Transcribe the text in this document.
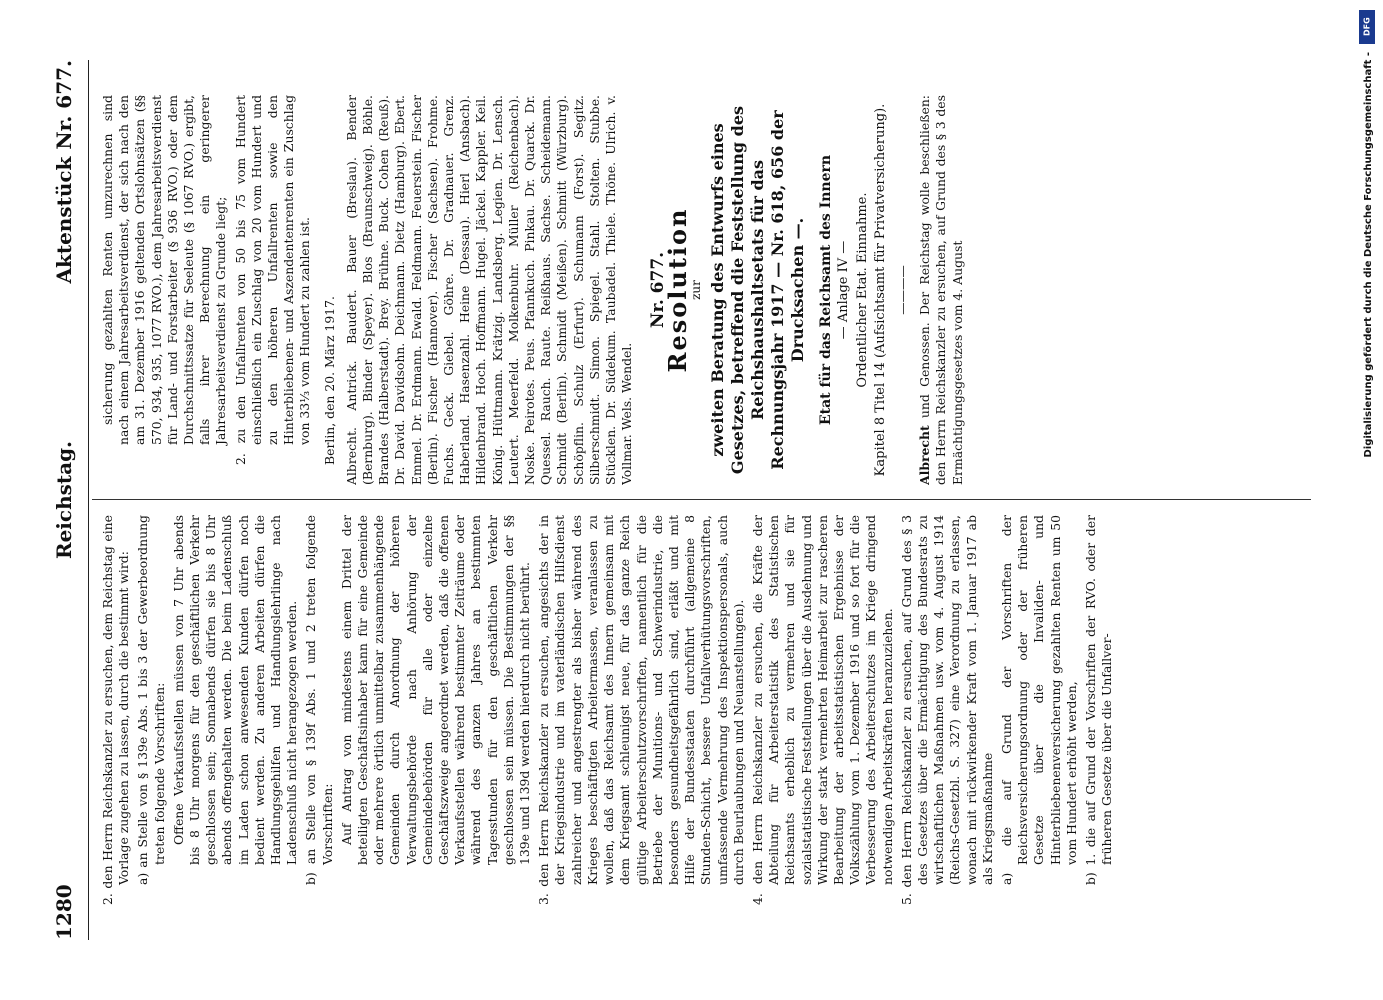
1280
Reichstag.
Aktenstück Nr. 677.

2. den Herrn Reichskanzler zu ersuchen, dem Reichstag eine Vorlage zugehen zu lassen, durch die bestimmt wird: a) an Stelle von § 139e Abs. 1 bis 3 der Gewerbeordnung treten folgende Vorschriften: Offene Verkaufsstellen müssen von 7 Uhr abends bis 8 Uhr morgens für den geschäftlichen Verkehr geschlossen sein; Sonnabends dürfen sie bis 8 Uhr abends offengehalten werden. Die beim Ladenschluß im Laden schon anwesenden Kunden dürfen noch bedient werden. Zu anderen Arbeiten dürfen die Handlungsgehilfen und Handlungslehrlinge nach Ladenschluß nicht herangezogen werden. b) an Stelle von § 139f Abs. 1 und 2 treten folgende Vorschriften: Auf Antrag von mindestens einem Drittel der beteiligten Geschäftsinhaber kann für eine Gemeinde oder mehrere örtlich unmittelbar zusammenhängende Gemeinden durch Anordnung der höheren Verwaltungsbehörde nach Anhörung der Gemeindebehörden für alle oder einzelne Geschäftszweige angeordnet werden, daß die offenen Verkaufsstellen während bestimmter Zeiträume oder während des ganzen Jahres an bestimmten Tagesstunden für den geschäftlichen Verkehr geschlossen sein müssen. Die Bestimmungen der §§ 139e und 139d werden hierdurch nicht berührt. 3. den Herrn Reichskanzler zu ersuchen, angesichts der in der Kriegsindustrie und im vaterländischen Hilfsdienst zahlreicher und angestrengter als bisher während des Krieges beschäftigten Arbeitermassen, veranlassen zu wollen, daß das Reichsamt des Innern gemeinsam mit dem Kriegsamt schleunigst neue, für das ganze Reich gültige Arbeiterschutzvorschriften, namentlich für die Betriebe der Munitions- und Schwerindustrie, die besonders gesundheitsgefährlich sind, erläßt und mit Hilfe der Bundesstaaten durchführt (allgemeine 8 Stunden-Schicht, bessere Unfallverhütungsvorschriften, umfassende Vermehrung des Inspektionspersonals, auch durch Beurlaubungen und Neuanstellungen). 4. den Herrn Reichskanzler zu ersuchen, die Kräfte der Abteilung für Arbeiterstatistik des Statistischen Reichsamts erheblich zu vermehren und sie für sozialstatistische Feststellungen über die Ausdehnung und Wirkung der stark vermehrten Heimarbeit zur rascheren Bearbeitung der arbeitsstatistischen Ergebnisse der Volkszählung vom 1. Dezember 1916 und so fort für die Verbesserung des Arbeiterschutzes im Kriege dringend notwendigen Arbeitskräften heranzuziehen. 5. den Herrn Reichskanzler zu ersuchen, auf Grund des § 3 des Gesetzes über die Ermächtigung des Bundesrats zu wirtschaftlichen Maßnahmen usw. vom 4. August 1914 (Reichs-Gesetzbl. S. 327) eine Verordnung zu erlassen, wonach mit rückwirkender Kraft vom 1. Januar 1917 ab als Kriegsmaßnahme a) die auf Grund der Vorschriften der Reichsversicherungsordnung oder der früheren Gesetze über die Invaliden- und Hinterbliebenenversicherung gezahlten Renten um 50 vom Hundert erhöht werden, b) 1. die auf Grund der Vorschriften der RVO. oder der früheren Gesetze über die Unfallver-

sicherung gezahlten Renten umzurechnen sind nach einem Jahresarbeitsverdienst, der sich nach den am 31. Dezember 1916 geltenden Ortslohnsätzen (§§ 570, 934, 935, 1077 RVO.), dem Jahresarbeitsverdienst für Land- und Forstarbeiter (§ 936 RVO.) oder dem Durchschnittssatze für Seeleute (§ 1067 RVO.) ergibt, falls ihrer Berechnung ein geringerer Jahresarbeitsverdienst zu Grunde liegt; 2. zu den Unfallrenten von 50 bis 75 vom Hundert einschließlich ein Zuschlag von 20 vom Hundert und zu den höheren Unfallrenten sowie den Hinterbliebenen- und Aszendentenrenten ein Zuschlag von 33⅓ vom Hundert zu zahlen ist. Berlin, den 20. März 1917. Albrecht. Antrick. Baudert. Bauer (Breslau). Bender (Bernburg). Binder (Speyer). Blos (Braunschweig). Böhle. Brandes (Halberstadt). Brey. Brühne. Buck. Cohen (Reuß). Dr. David. Davidsohn. Deichmann. Dietz (Hamburg). Ebert. Emmel. Dr. Erdmann. Ewald. Feldmann. Feuerstein. Fischer (Berlin). Fischer (Hannover). Fischer (Sachsen). Frohme. Fuchs. Geck. Giebel. Göhre. Dr. Gradnauer. Grenz. Haberland. Hasenzahl. Heine (Dessau). Hierl (Ansbach). Hildenbrand. Hoch. Hoffmann. Hugel. Jäckel. Kappler. Keil. König. Hüttmann. Krätzig. Landsberg. Legien. Dr. Lensch. Leutert. Meerfeld. Molkenbuhr. Müller (Reichenbach). Noske. Peirotes. Peus. Pfannkuch. Pinkau. Dr. Quarck. Dr. Quessel. Rauch. Raute. Reißhaus. Sachse. Scheidemann. Schmidt (Berlin). Schmidt (Meißen). Schmitt (Würzburg). Schöpflin. Schulz (Erfurt). Schumann (Forst). Segitz. Silberschmidt. Simon. Spiegel. Stahl. Stolten. Stubbe. Stücklen. Dr. Südekum. Taubadel. Thiele. Thöne. Ulrich. v. Vollmar. Wels. Wendel.

Nr. 677.

Resolution

zur zweiten Beratung des Entwurfs eines Gesetzes, betreffend die Feststellung des Reichshaushaltsetats für das Rechnungsjahr 1917 — Nr. 618, 656 der Drucksachen —. Etat für das Reichsamt des Innern — Anlage IV — Ordentlicher Etat. Einnahme. Kapitel 8 Titel 14 (Aufsichtsamt für Privatversicherung). ————

Albrecht und Genossen. Der Reichstag wolle beschließen: den Herrn Reichskanzler zu ersuchen, auf Grund des § 3 des Ermächtigungsgesetzes vom 4. August

DFG
Digitalisierung gefördert durch die Deutsche Forschungsgemeinschaft -
